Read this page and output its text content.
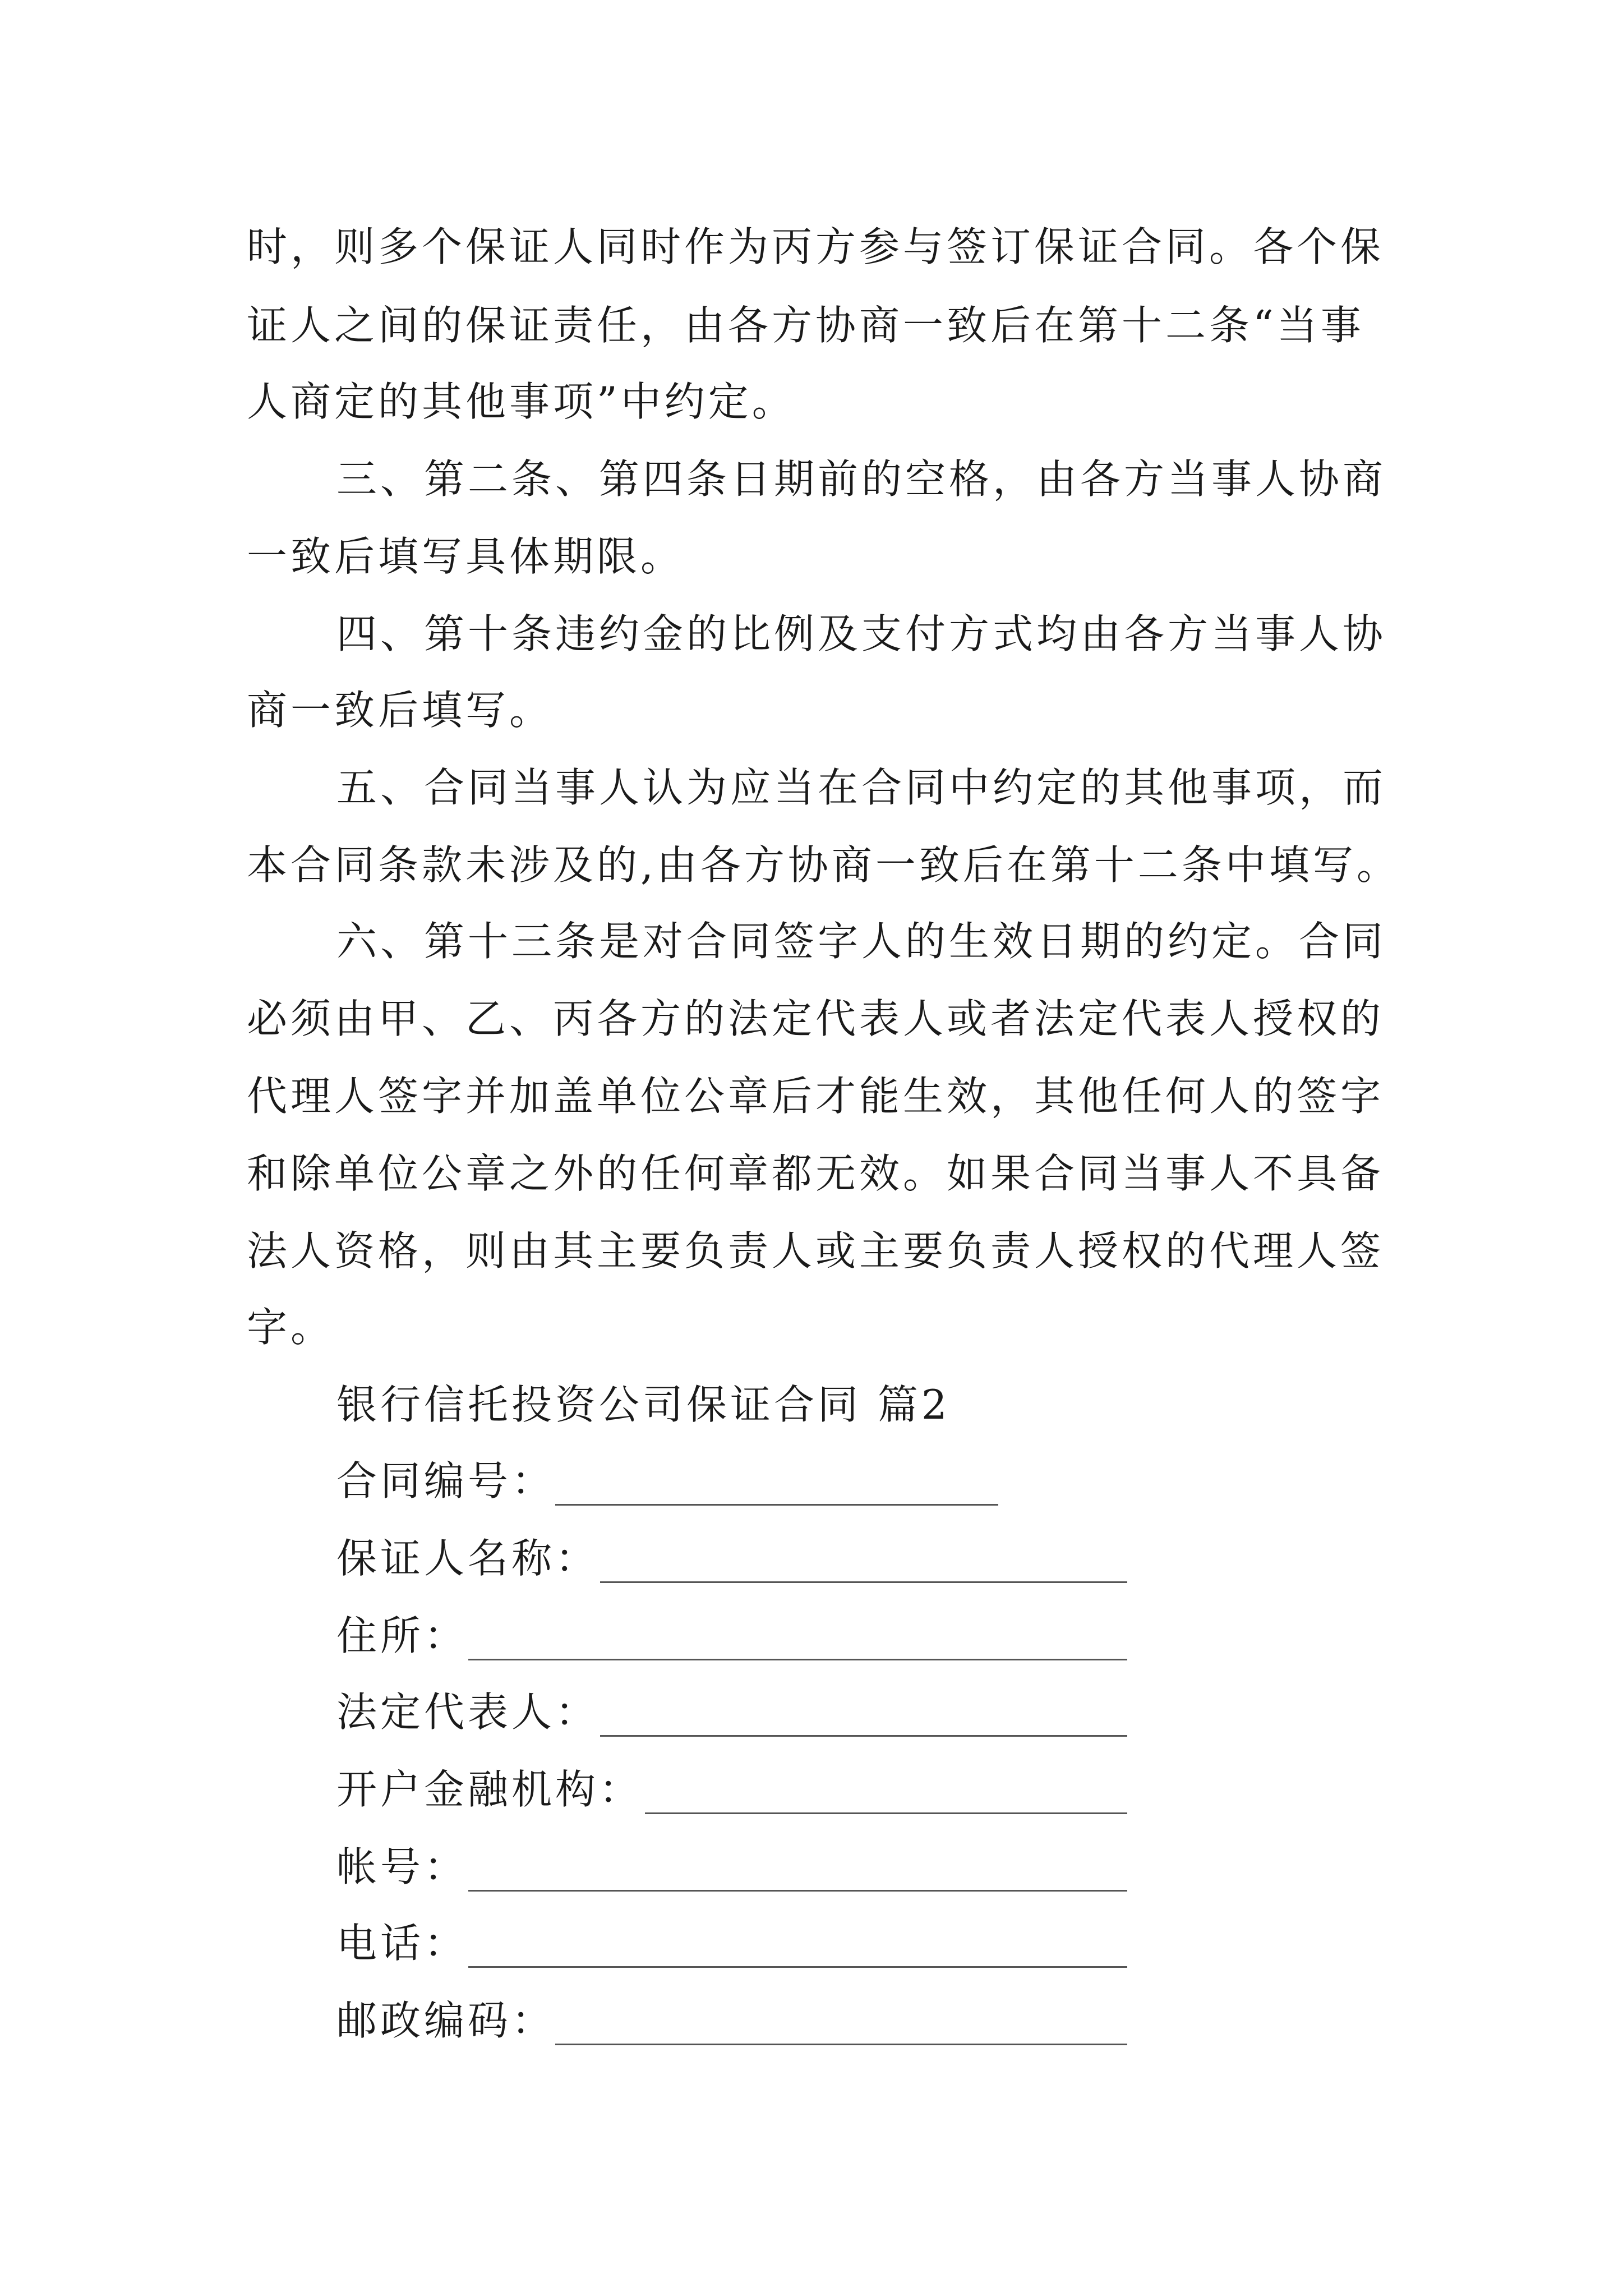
时，则多个保证人同时作为丙方参与签订保证合同。各个保
证人之间的保证责任，由各方协商一致后在第十二条“当事
人商定的其他事项”中约定。
三、第二条、第四条日期前的空格，由各方当事人协商
一致后填写具体期限。
四、第十条违约金的比例及支付方式均由各方当事人协
商一致后填写。
五、合同当事人认为应当在合同中约定的其他事项，而
本合同条款未涉及的,由各方协商一致后在第十二条中填写。
六、第十三条是对合同签字人的生效日期的约定。合同
必须由甲、乙、丙各方的法定代表人或者法定代表人授权的
代理人签字并加盖单位公章后才能生效，其他任何人的签字
和除单位公章之外的任何章都无效。如果合同当事人不具备
法人资格，则由其主要负责人或主要负责人授权的代理人签
字。
银行信托投资公司保证合同 篇2
合同编号：
保证人名称：
住所：
法定代表人：
开户金融机构：
帐号：
电话：
邮政编码：
